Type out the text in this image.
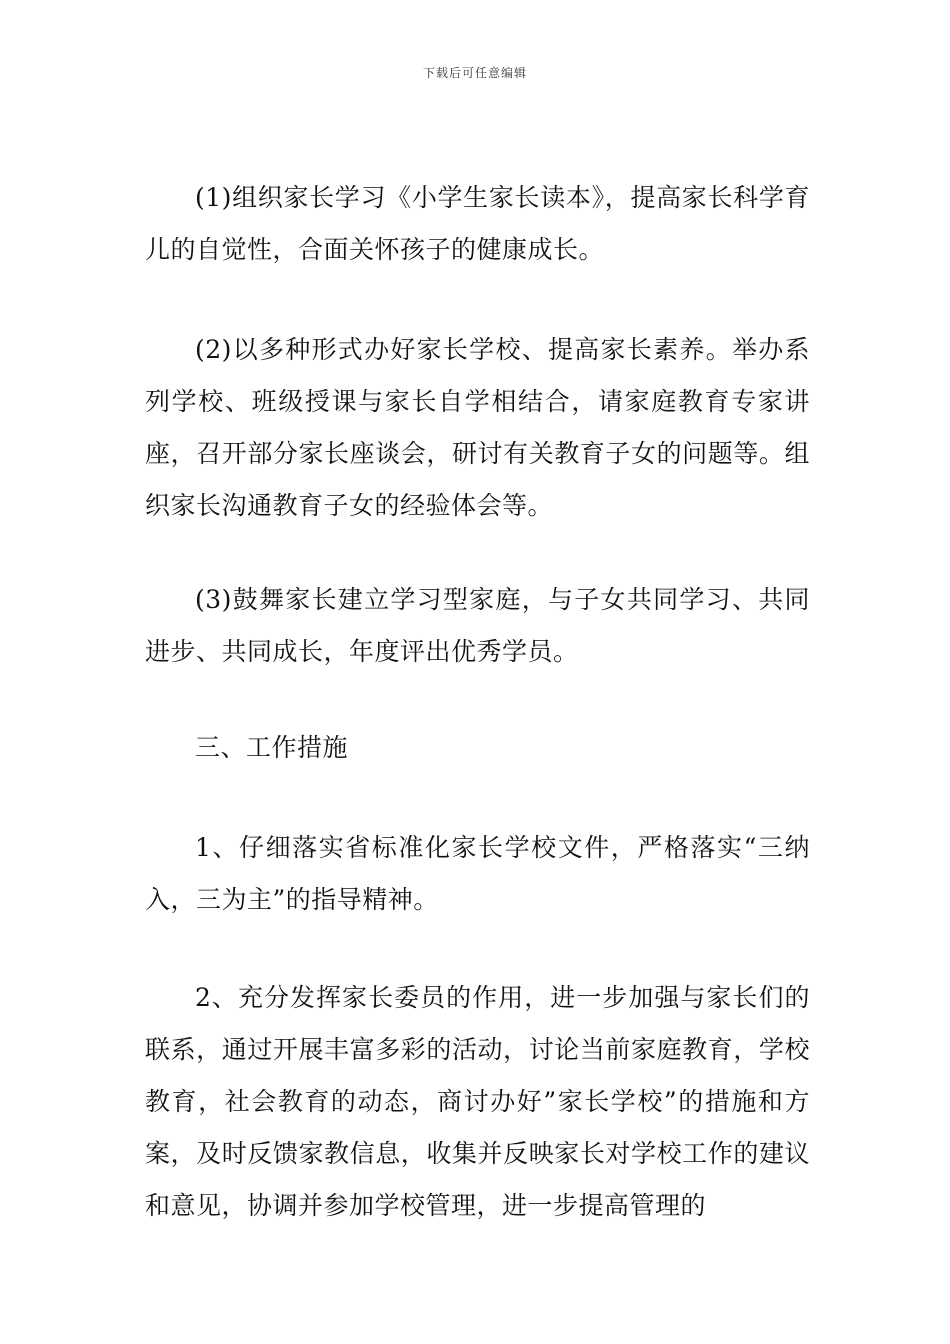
下载后可任意编辑

(1)组织家长学习《小学生家长读本》，提高家长科学育儿的自觉性，合面关怀孩子的健康成长。

(2)以多种形式办好家长学校、提高家长素养。举办系列学校、班级授课与家长自学相结合，请家庭教育专家讲座，召开部分家长座谈会，研讨有关教育子女的问题等。组织家长沟通教育子女的经验体会等。

(3)鼓舞家长建立学习型家庭，与子女共同学习、共同进步、共同成长，年度评出优秀学员。

三、工作措施

1、仔细落实省标准化家长学校文件，严格落实“三纳入，三为主”的指导精神。

2、充分发挥家长委员的作用，进一步加强与家长们的联系，通过开展丰富多彩的活动，讨论当前家庭教育，学校教育，社会教育的动态，商讨办好”家长学校”的措施和方案，及时反馈家教信息，收集并反映家长对学校工作的建议和意见，协调并参加学校管理，进一步提高管理的
